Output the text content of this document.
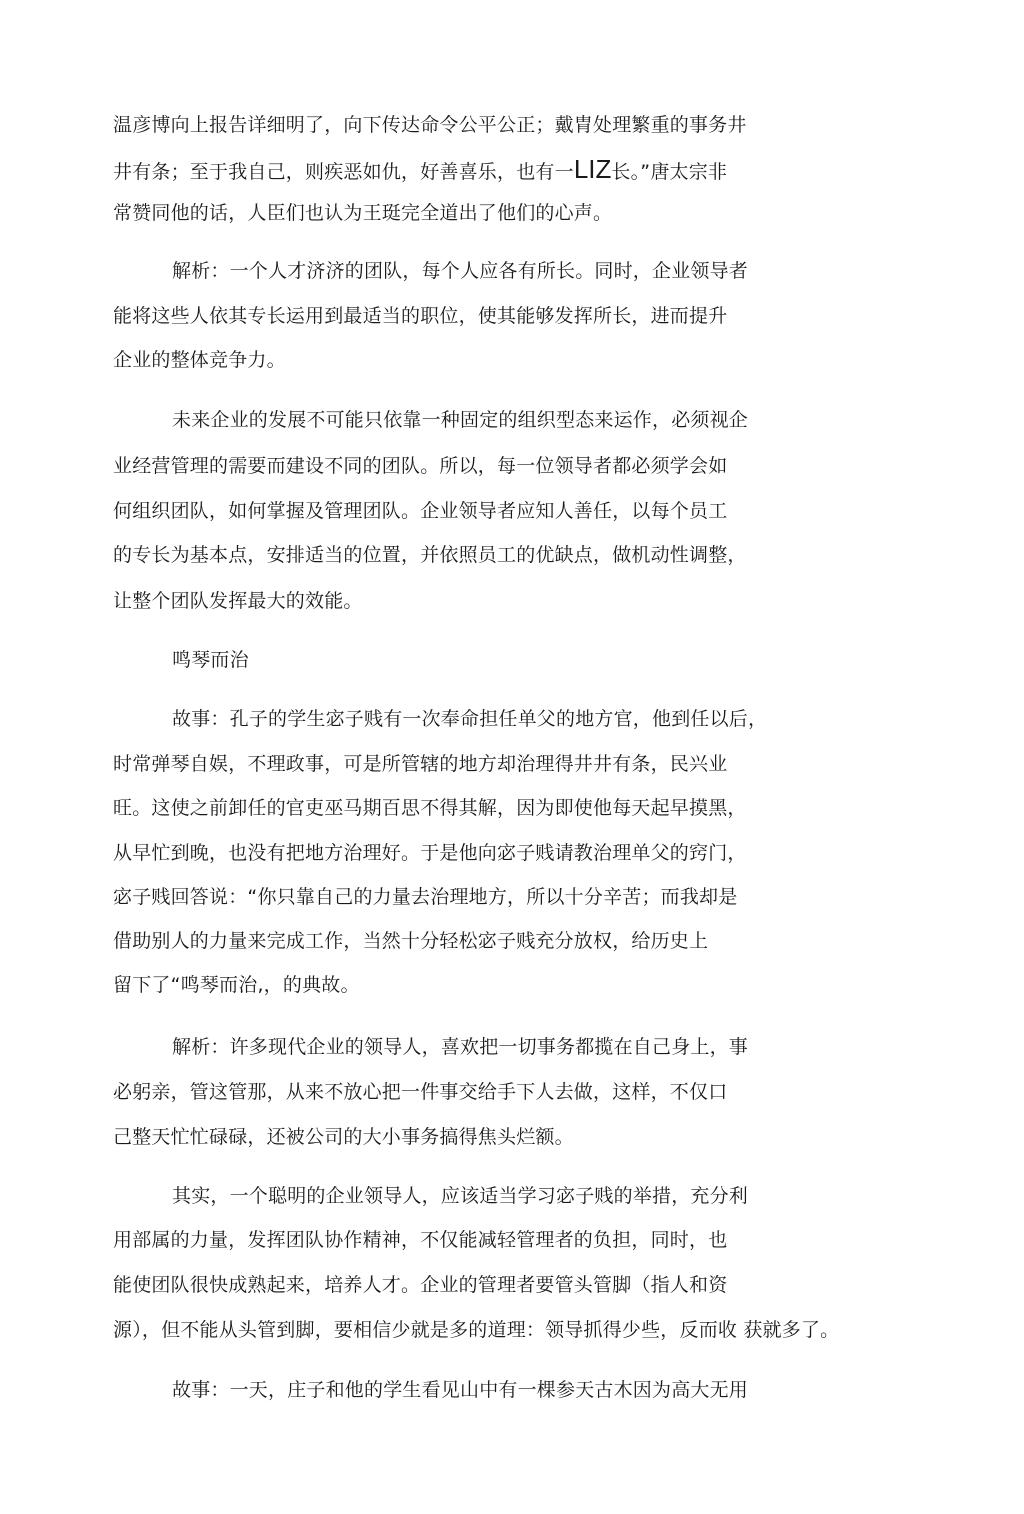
温彦博向上报告详细明了，向下传达命令公平公正；戴胄处理繁重的事务井
井有条；至于我自己，则疾恶如仇，好善喜乐，也有一LIZ长。”唐太宗非
常赞同他的话，人臣们也认为王珽完全道出了他们的心声。
解析：一个人才济济的团队，每个人应各有所长。同时，企业领导者
能将这些人依其专长运用到最适当的职位，使其能够发挥所长，进而提升
企业的整体竞争力。
未来企业的发展不可能只依靠一种固定的组织型态来运作，必须视企
业经营管理的需要而建设不同的团队。所以，每一位领导者都必须学会如
何组织团队，如何掌握及管理团队。企业领导者应知人善任，以每个员工
的专长为基本点，安排适当的位置，并依照员工的优缺点，做机动性调整，
让整个团队发挥最大的效能。
鸣琴而治
故事：孔子的学生宓子贱有一次奉命担任单父的地方官，他到任以后，
时常弹琴自娱，不理政事，可是所管辖的地方却治理得井井有条，民兴业
旺。这使之前卸任的官吏巫马期百思不得其解，因为即使他每天起早摸黑，
从早忙到晚，也没有把地方治理好。于是他向宓子贱请教治理单父的窍门，
宓子贱回答说：“你只靠自己的力量去治理地方，所以十分辛苦；而我却是
借助别人的力量来完成工作，当然十分轻松宓子贱充分放权，给历史上
留下了“鸣琴而治,，的典故。
解析：许多现代企业的领导人，喜欢把一切事务都揽在自己身上，事
必躬亲，管这管那，从来不放心把一件事交给手下人去做，这样，不仅口
己整天忙忙碌碌，还被公司的大小事务搞得焦头烂额。
其实，一个聪明的企业领导人，应该适当学习宓子贱的举措，充分利
用部属的力量，发挥团队协作精神，不仅能减轻管理者的负担，同时，也
能使团队很快成熟起来，培养人才。企业的管理者要管头管脚（指人和资
源），但不能从头管到脚，要相信少就是多的道理：领导抓得少些，反而收 获就多了。
故事：一天，庄子和他的学生看见山中有一棵参天古木因为高大无用
